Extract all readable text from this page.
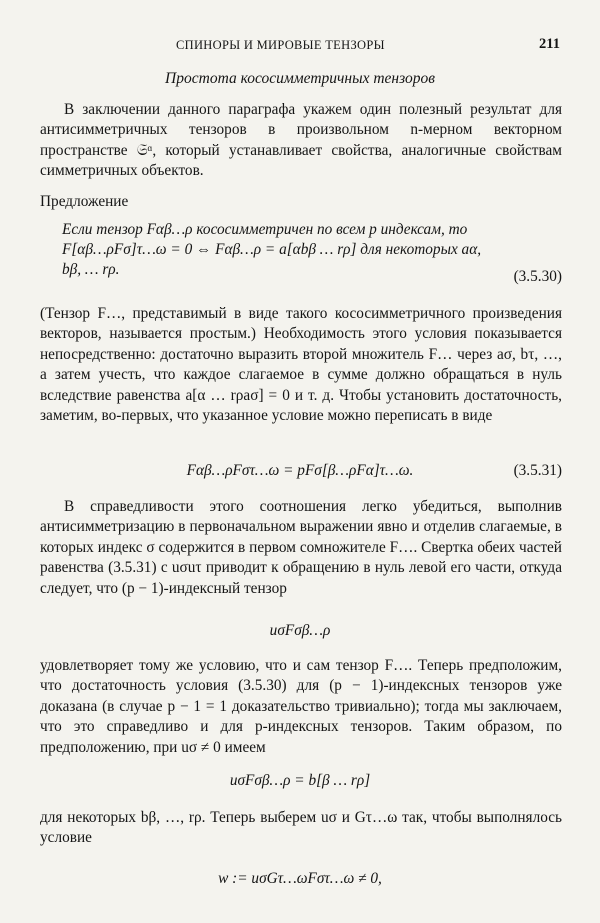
СПИНОРЫ И МИРОВЫЕ ТЕНЗОРЫ	211
Простота кососимметричных тензоров

В заключении данного параграфа укажем один полезный результат для антисимметричных тензоров в произвольном n-мерном векторном пространстве 𝔖ᵅ, который устанавливает свойства, аналогичные свойствам симметричных объектов.

Предложение
Если тензор Fαβ…ρ кососимметричен по всем p индексам, то
F[αβ…ρFσ]τ…ω = 0 ⇔ Fαβ…ρ = a[αbβ … rρ] для некоторых aα, bβ, … rρ.	(3.5.30)

(Тензор F…, представимый в виде такого кососимметричного произведения векторов, называется простым.) Необходимость этого условия показывается непосредственно: достаточно выразить второй множитель F… через aσ, bτ, …, а затем учесть, что каждое слагаемое в сумме должно обращаться в нуль вследствие равенства a[α … rρaσ] = 0 и т. д. Чтобы установить достаточность, заметим, во-первых, что указанное условие можно переписать в виде

Fαβ…ρFστ…ω = pFσ[β…ρFα]τ…ω.	(3.5.31)

В справедливости этого соотношения легко убедиться, выполнив антисимметризацию в первоначальном выражении явно и отделив слагаемые, в которых индекс σ содержится в первом сомножителе F…. Свертка обеих частей равенства (3.5.31) с uσuτ приводит к обращению в нуль левой его части, откуда следует, что (p − 1)-индексный тензор

uσFσβ…ρ

удовлетворяет тому же условию, что и сам тензор F…. Теперь предположим, что достаточность условия (3.5.30) для (p − 1)-индексных тензоров уже доказана (в случае p − 1 = 1 доказательство тривиально); тогда мы заключаем, что это справедливо и для p-индексных тензоров. Таким образом, по предположению, при uσ ≠ 0 имеем

uσFσβ…ρ = b[β … rρ]

для некоторых bβ, …, rρ. Теперь выберем uσ и Gτ…ω так, чтобы выполнялось условие

w := uσGτ…ωFστ…ω ≠ 0,
